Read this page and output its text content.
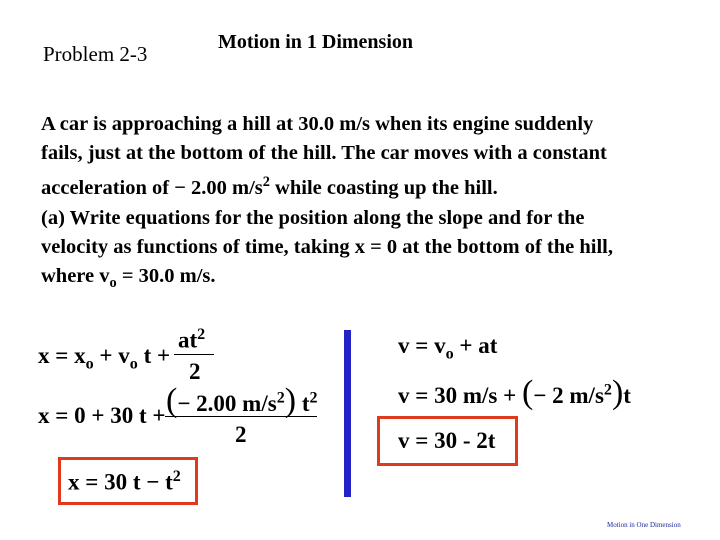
Problem 2-3	Motion in 1 Dimension
A car is approaching a hill at 30.0 m/s when its engine suddenly
fails, just at the bottom of the hill. The car moves with a constant
acceleration of − 2.00 $m/s^2$ while coasting up the hill.
(a) Write equations for the position along the slope and for the
velocity as functions of time, taking x = 0 at the bottom of the hill,
where $v_o = 30.0$ m/s.
$x = x_o + v_o$ t +
$at^2$
2
x = 0 + 30 t + (− 2.00 $m/s^2$) $t^2$
2
x = 30 $t - t^2$
$v = v_o$ + at
v = 30 m/s + (− 2 $m/s^2)t$
v = 30 - 2t
Motion in One Dimension
